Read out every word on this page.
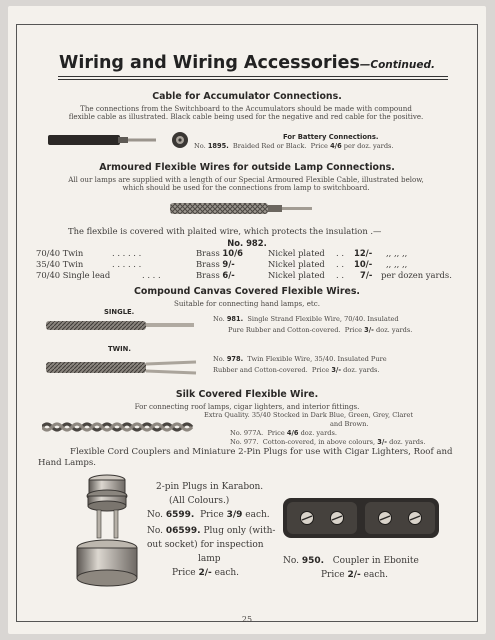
Wiring and Wiring Accessories—Continued.
Cable for Accumulator Connections.
The connections from the Switchboard to the Accumulators should be made with compound
flexible cable as illustrated. Black cable being used for the negative and red cable for the positive.
For Battery Connections.
No. 1895. Braided Red or Black. Price 4/6 per doz. yards.
Armoured Flexible Wires for outside Lamp Connections.
All our lamps are supplied with a length of our Special Armoured Flexible Cable, illustrated below,
which should be used for the connections from lamp to switchboard.
The flexbile is covered with plaited wire, which protects the insulation .—
No. 982.
70/40 Twin
35/40 Twin
70/40 Single lead
. . . . . .
. . . . . .
. . . .
Brass 10/6
Brass 9/-
Brass 6/-
Nickel plated
Nickel plated
Nickel plated
. .
. .
. .
12/-
10/-
7/-
,, ,, ,,
,, ,, ,,
per dozen yards.
Compound Canvas Covered Flexible Wires.
Suitable for connecting hand lamps, etc.
SINGLE.
No. 981. Single Strand Flexible Wire, 70/40. Insulated
Pure Rubber and Cotton-covered. Price 3/- doz. yards.
TWIN.
No. 978. Twin Flexible Wire, 35/40. Insulated Pure
Rubber and Cotton-covered. Price 3/- doz. yards.
Silk Covered Flexible Wire.
For connecting roof lamps, cigar lighters, and interior fittings.
Extra Quality. 35/40 Stocked in Dark Blue, Green, Grey, Claret
and Brown.
No. 977A. Price 4/6 doz. yards.
No. 977. Cotton-covered, in above colours, 3/- doz. yards.
Flexible Cord Couplers and Miniature 2-Pin Plugs for use with Cigar Lighters, Roof and
Hand Lamps.
2-pin Plugs in Karabon.
(All Colours.)
No. 6599. Price 3/9 each.
No. 06599. Plug only (with-
out socket) for inspection
lamp
Price 2/- each.
No. 950. Coupler in Ebonite
Price 2/- each.
25
